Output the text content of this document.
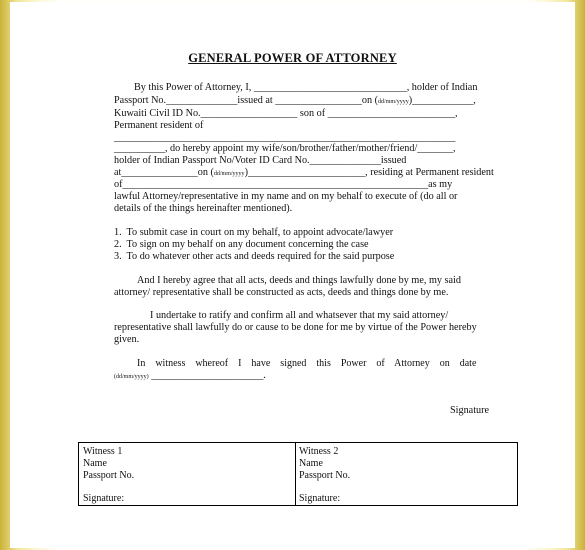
GENERAL POWER OF ATTORNEY
By this Power of Attorney, I, ______________________________, holder of Indian
Passport No.______________issued at _________________on (dd/mm/yyyy)____________,
Kuwaiti Civil ID No.___________________ son of _________________________,
Permanent resident of
___________________________________________________________________
__________, do hereby appoint my wife/son/brother/father/mother/friend/_______,
holder of Indian Passport No/Voter ID Card No.______________issued
at_______________on (dd/mm/yyyy)_______________________, residing at Permanent resident
of____________________________________________________________as my
lawful Attorney/representative in my name and on my behalf to execute of (do all or
details of the things hereinafter mentioned).
1.  To submit case in court on my behalf, to appoint advocate/lawyer
2.  To sign on my behalf on any document concerning the case
3.  To do whatever other acts and deeds required for the said purpose
And I hereby agree that all acts, deeds and things lawfully done by me, my said
attorney/ representative shall be constructed as acts, deeds and things done by me.
I undertake to ratify and confirm all and whatsever that my said attorney/
representative shall lawfully do or cause to be done for me by virtue of the Power hereby
given.
In    witness    whereof    I    have    signed    this    Power    of    Attorney    on    date
(dd/mm/yyyy) ______________________.
Signature
Witness 1
Name
Passport No.
Signature:
Witness 2
Name
Passport No.
Signature:
